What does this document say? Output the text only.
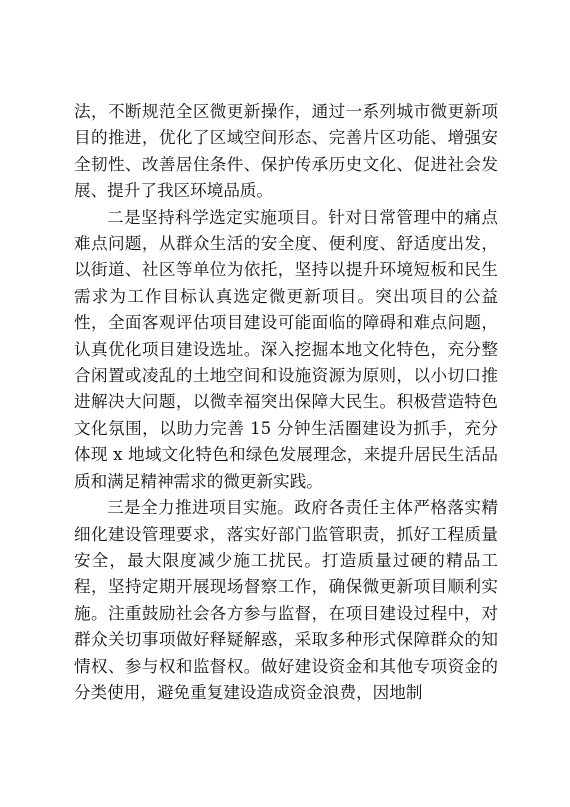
法，不断规范全区微更新操作，通过一系列城市微更新项目的推进，优化了区域空间形态、完善片区功能、增强安全韧性、改善居住条件、保护传承历史文化、促进社会发展、提升了我区环境品质。

二是坚持科学选定实施项目。针对日常管理中的痛点难点问题，从群众生活的安全度、便利度、舒适度出发，以街道、社区等单位为依托，坚持以提升环境短板和民生需求为工作目标认真选定微更新项目。突出项目的公益性，全面客观评估项目建设可能面临的障碍和难点问题，认真优化项目建设选址。深入挖掘本地文化特色，充分整合闲置或凌乱的土地空间和设施资源为原则，以小切口推进解决大问题，以微幸福突出保障大民生。积极营造特色文化氛围，以助力完善 15 分钟生活圈建设为抓手，充分体现 x 地域文化特色和绿色发展理念，来提升居民生活品质和满足精神需求的微更新实践。

三是全力推进项目实施。政府各责任主体严格落实精细化建设管理要求，落实好部门监管职责，抓好工程质量安全，最大限度减少施工扰民。打造质量过硬的精品工程，坚持定期开展现场督察工作，确保微更新项目顺利实施。注重鼓励社会各方参与监督，在项目建设过程中，对群众关切事项做好释疑解惑，采取多种形式保障群众的知情权、参与权和监督权。做好建设资金和其他专项资金的分类使用，避免重复建设造成资金浪费，因地制
